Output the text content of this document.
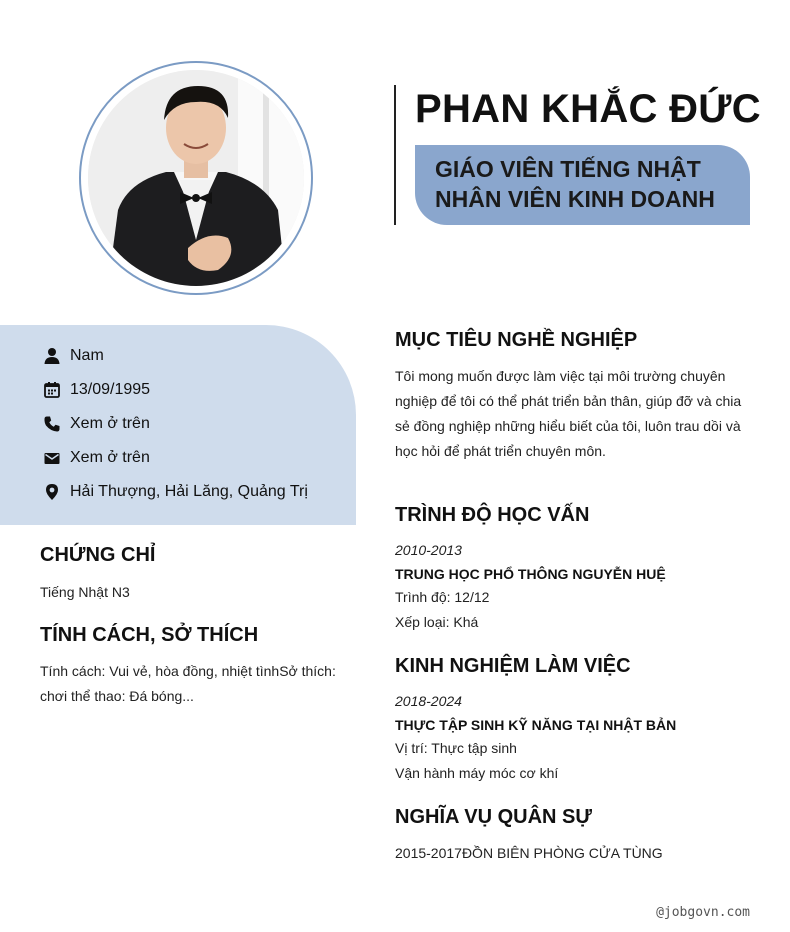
PHAN KHẮC ĐỨC
GIÁO VIÊN TIẾNG NHẬT
NHÂN VIÊN KINH DOANH
Nam
13/09/1995
Xem ở trên
Xem ở trên
Hải Thượng, Hải Lăng, Quảng Trị
CHỨNG CHỈ
Tiếng Nhật N3
TÍNH CÁCH, SỞ THÍCH
Tính cách: Vui vẻ, hòa đồng, nhiệt tìnhSở thích:
chơi thể thao: Đá bóng...
MỤC TIÊU NGHỀ NGHIỆP
Tôi mong muốn được làm việc tại môi trường chuyên
nghiệp để tôi có thể phát triển bản thân, giúp đỡ và chia
sẻ đồng nghiệp những hiểu biết của tôi, luôn trau dồi và
học hỏi để phát triển chuyên môn.
TRÌNH ĐỘ HỌC VẤN
2010-2013
TRUNG HỌC PHỔ THÔNG NGUYỄN HUỆ
Trình độ: 12/12
Xếp loại: Khá
KINH NGHIỆM LÀM VIỆC
2018-2024
THỰC TẬP SINH KỸ NĂNG TẠI NHẬT BẢN
Vị trí: Thực tập sinh
Vận hành máy móc cơ khí
NGHĨA VỤ QUÂN SỰ
2015-2017ĐỒN BIÊN PHÒNG CỬA TÙNG
@jobgovn.com
